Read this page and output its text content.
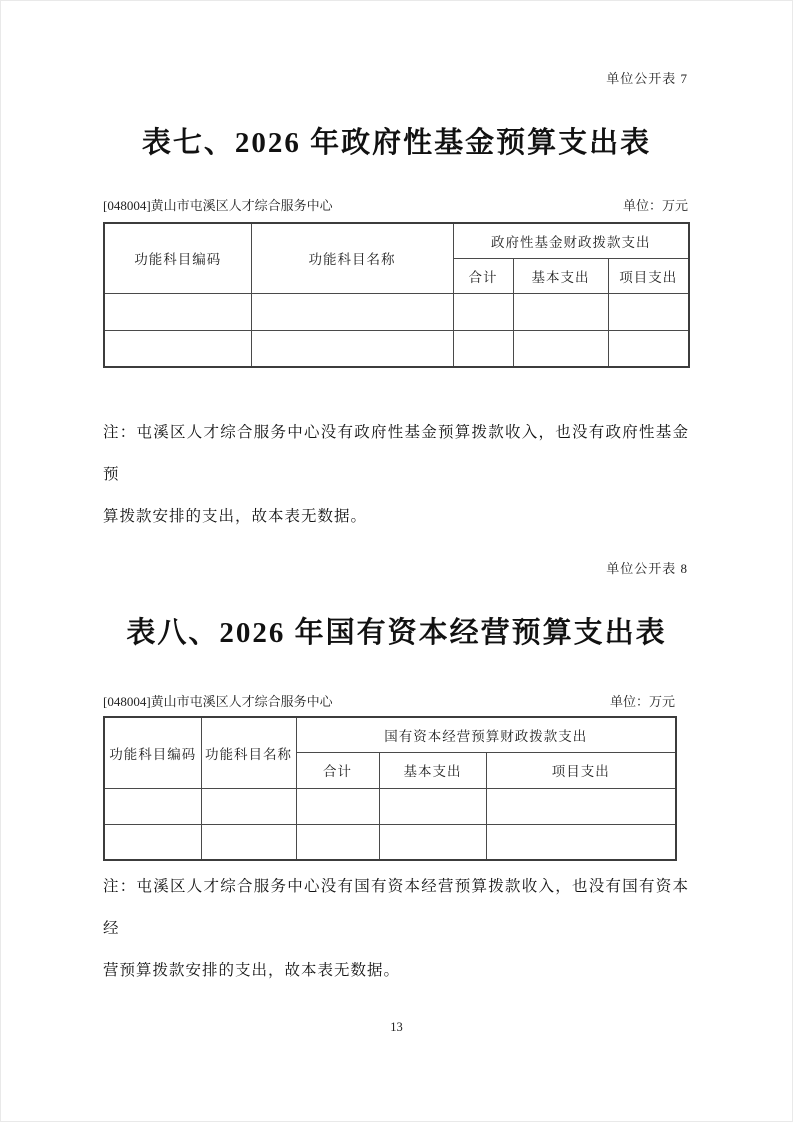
单位公开表 7
表七、2026 年政府性基金预算支出表
[048004]黄山市屯溪区人才综合服务中心	单位：万元
功能科目编码	功能科目名称	政府性基金财政拨款支出		
		合计	基本支出	项目支出

注：屯溪区人才综合服务中心没有政府性基金预算拨款收入，也没有政府性基金预
算拨款安排的支出，故本表无数据。
单位公开表 8
表八、2026 年国有资本经营预算支出表
[048004]黄山市屯溪区人才综合服务中心	单位：万元
功能科目编码	功能科目名称	国有资本经营预算财政拨款支出		
		合计	基本支出	项目支出

注：屯溪区人才综合服务中心没有国有资本经营预算拨款收入，也没有国有资本经
营预算拨款安排的支出，故本表无数据。
13
